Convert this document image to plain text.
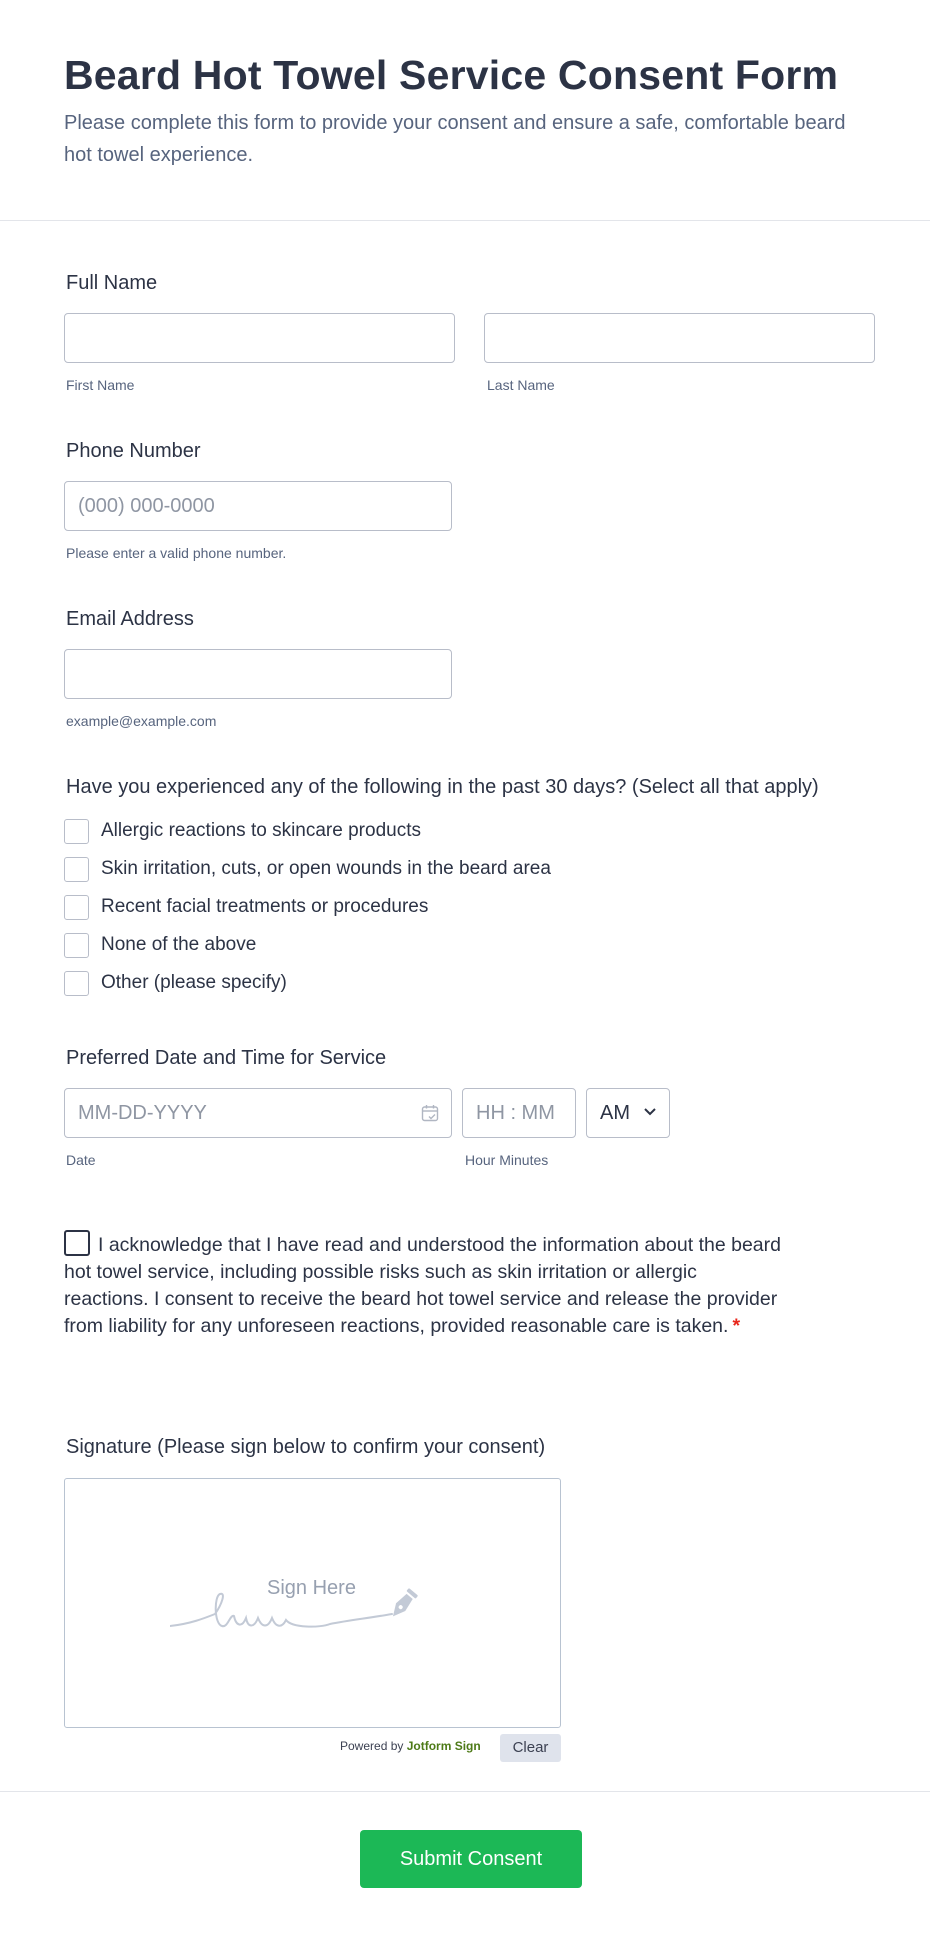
Beard Hot Towel Service Consent Form
Please complete this form to provide your consent and ensure a safe, comfortable beard hot towel experience.
Full Name
First Name	Last Name
Phone Number
(000) 000-0000
Please enter a valid phone number.
Email Address
example@example.com
Have you experienced any of the following in the past 30 days? (Select all that apply)
Allergic reactions to skincare products
Skin irritation, cuts, or open wounds in the beard area
Recent facial treatments or procedures
None of the above
Other (please specify)
Preferred Date and Time for Service
MM-DD-YYYY	HH : MM AM
Date	Hour Minutes
I acknowledge that I have read and understood the information about the beard hot towel service, including possible risks such as skin irritation or allergic reactions. I consent to receive the beard hot towel service and release the provider from liability for any unforeseen reactions, provided reasonable care is taken. *
Signature (Please sign below to confirm your consent)
Sign Here
Powered by Jotform Sign	Clear
Submit Consent
